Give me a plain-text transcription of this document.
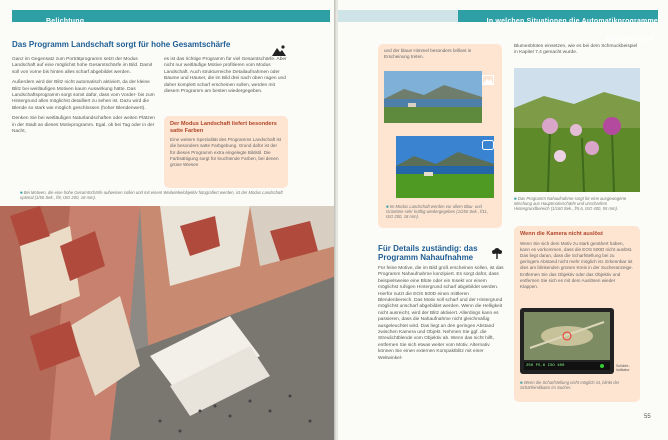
Belichtung
Das Programm Landschaft sorgt für hohe Gesamtschärfe

Ganz im Gegensatz zum Porträtprogramm setzt der Modus Landschaft auf eine möglichst hohe Gesamtschärfe im Bild. Damit soll von vorne bis hinten alles scharf abgebildet werden.

Außerdem wird der Blitz nicht automatisch aktiviert, da der kleine Blitz bei weitläufigen Motiven kaum Auswirkung hätte. Das Landschaftsprogramm sorgt somit dafür, dass vom Vorder- bis zum Hintergrund alles möglichst detailliert zu sehen ist. Dazu wird die Blende so stark wie möglich geschlossen (hoher Blendenwert).

Denken Sie bei weitläufigen Naturlandschaften oder weiten Plätzen in der Stadt an dieses Motivprogramm. Egal, ob bei Tag oder in der Nacht,

es ist das richtige Programm für viel Gesamtschärfe. Aber nicht nur weitläufige Motive profitieren vom Modus Landschaft. Auch strukturreiche Detailaufnahmen oder Bäume und Häuser, die im Bild drei nach oben ragen und daher komplett scharf erscheinen sollen, werden mit diesem Programm am besten wiedergegeben.

Der Modus Landschaft liefert besonders satte Farben
Eine weitere Spezialität des Programms Landschaft ist die besonders satte Farbgebung. Grund dafür ist der für dieses Programm extra eingelegte Bildstil. Die Farbsättigung sorgt für leuchtende Farben, bei denen grüne Wiesen
■ Bei Motiven, die eine hohe Gesamtschärfe aufweisen sollen und mit einem Weitwinkelobjektiv fotografiert werden, ist der Modus Landschaft optimal (1/50 Sek., f/8, ISO 200, 18 mm).
In welchen Situationen die Automatikprogramme geeignet sind
und der blaue Himmel besonders brillant in Erscheinung treten.
■ Im Modus Landschaft werden vor allem Blau- und Grüntöne sehr kräftig wiedergegeben (1/250 Sek., f/11, ISO 200, 18 mm).
Blumenblüten einsetzen, wie es bei dem Schmuckbeispiel in Kapitel 7.4 gemacht wurde.
■ Das Programm Nahaufnahme sorgt für eine ausgewogene Mischung aus Hauptmotivschärfe und unscharfem Hintergrundbereich (1/160 Sek., f/5.6, ISO 400, 55 mm).
Für Details zuständig: das Programm Nahaufnahme
Für feine Motive, die im Bild groß erscheinen sollen, ist das Programm Nahaufnahme konzipiert. Es sorgt dafür, dass beispielsweise eine Blüte oder ein Insekt vor einem möglichst ruhigen Hintergrund scharf abgebildet werden. Hierfür nutzt die EOS 500D einen mittleren Blendenbereich. Das Motiv soll scharf und der Hintergrund möglichst unscharf abgebildet werden. Wenn die Helligkeit nicht ausreicht, wird der Blitz aktiviert. Allerdings kann es passieren, dass die Nahaufnahme nicht gleichmäßig ausgeleuchtet wird. Das liegt an den geringen Abstand zwischen Kamera und Objekt. Nehmen Sie ggf. die Streulichtblende vom Objektiv ab. Wenn das nicht hilft, entfernen Sie sich etwas weiter vom Motiv. Alternativ können Sie einen externen Kompaktblitz mit einer Weitwinkel-
Wenn die Kamera nicht auslöst
Wenn Sie sich dem Motiv zu stark genähert haben, kann es vorkommen, dass die EOS 500D nicht auslöst. Das liegt daran, dass die Scharfstellung bei zu geringem Abstand nicht mehr möglich ist. Erkennbar ist dies am blinkenden grünen Kreis in der Sucheranzeige. Entfernen Sie das Objektiv oder das Objektiv und entfernen Sie sich es mit dem Auslösen wieder Klappen.
250 F5.6 ISO 400	Schärfe-indikator
■ Wenn die Scharfstellung nicht möglich ist, blinkt der Schärfeindikator im Sucher.
55
